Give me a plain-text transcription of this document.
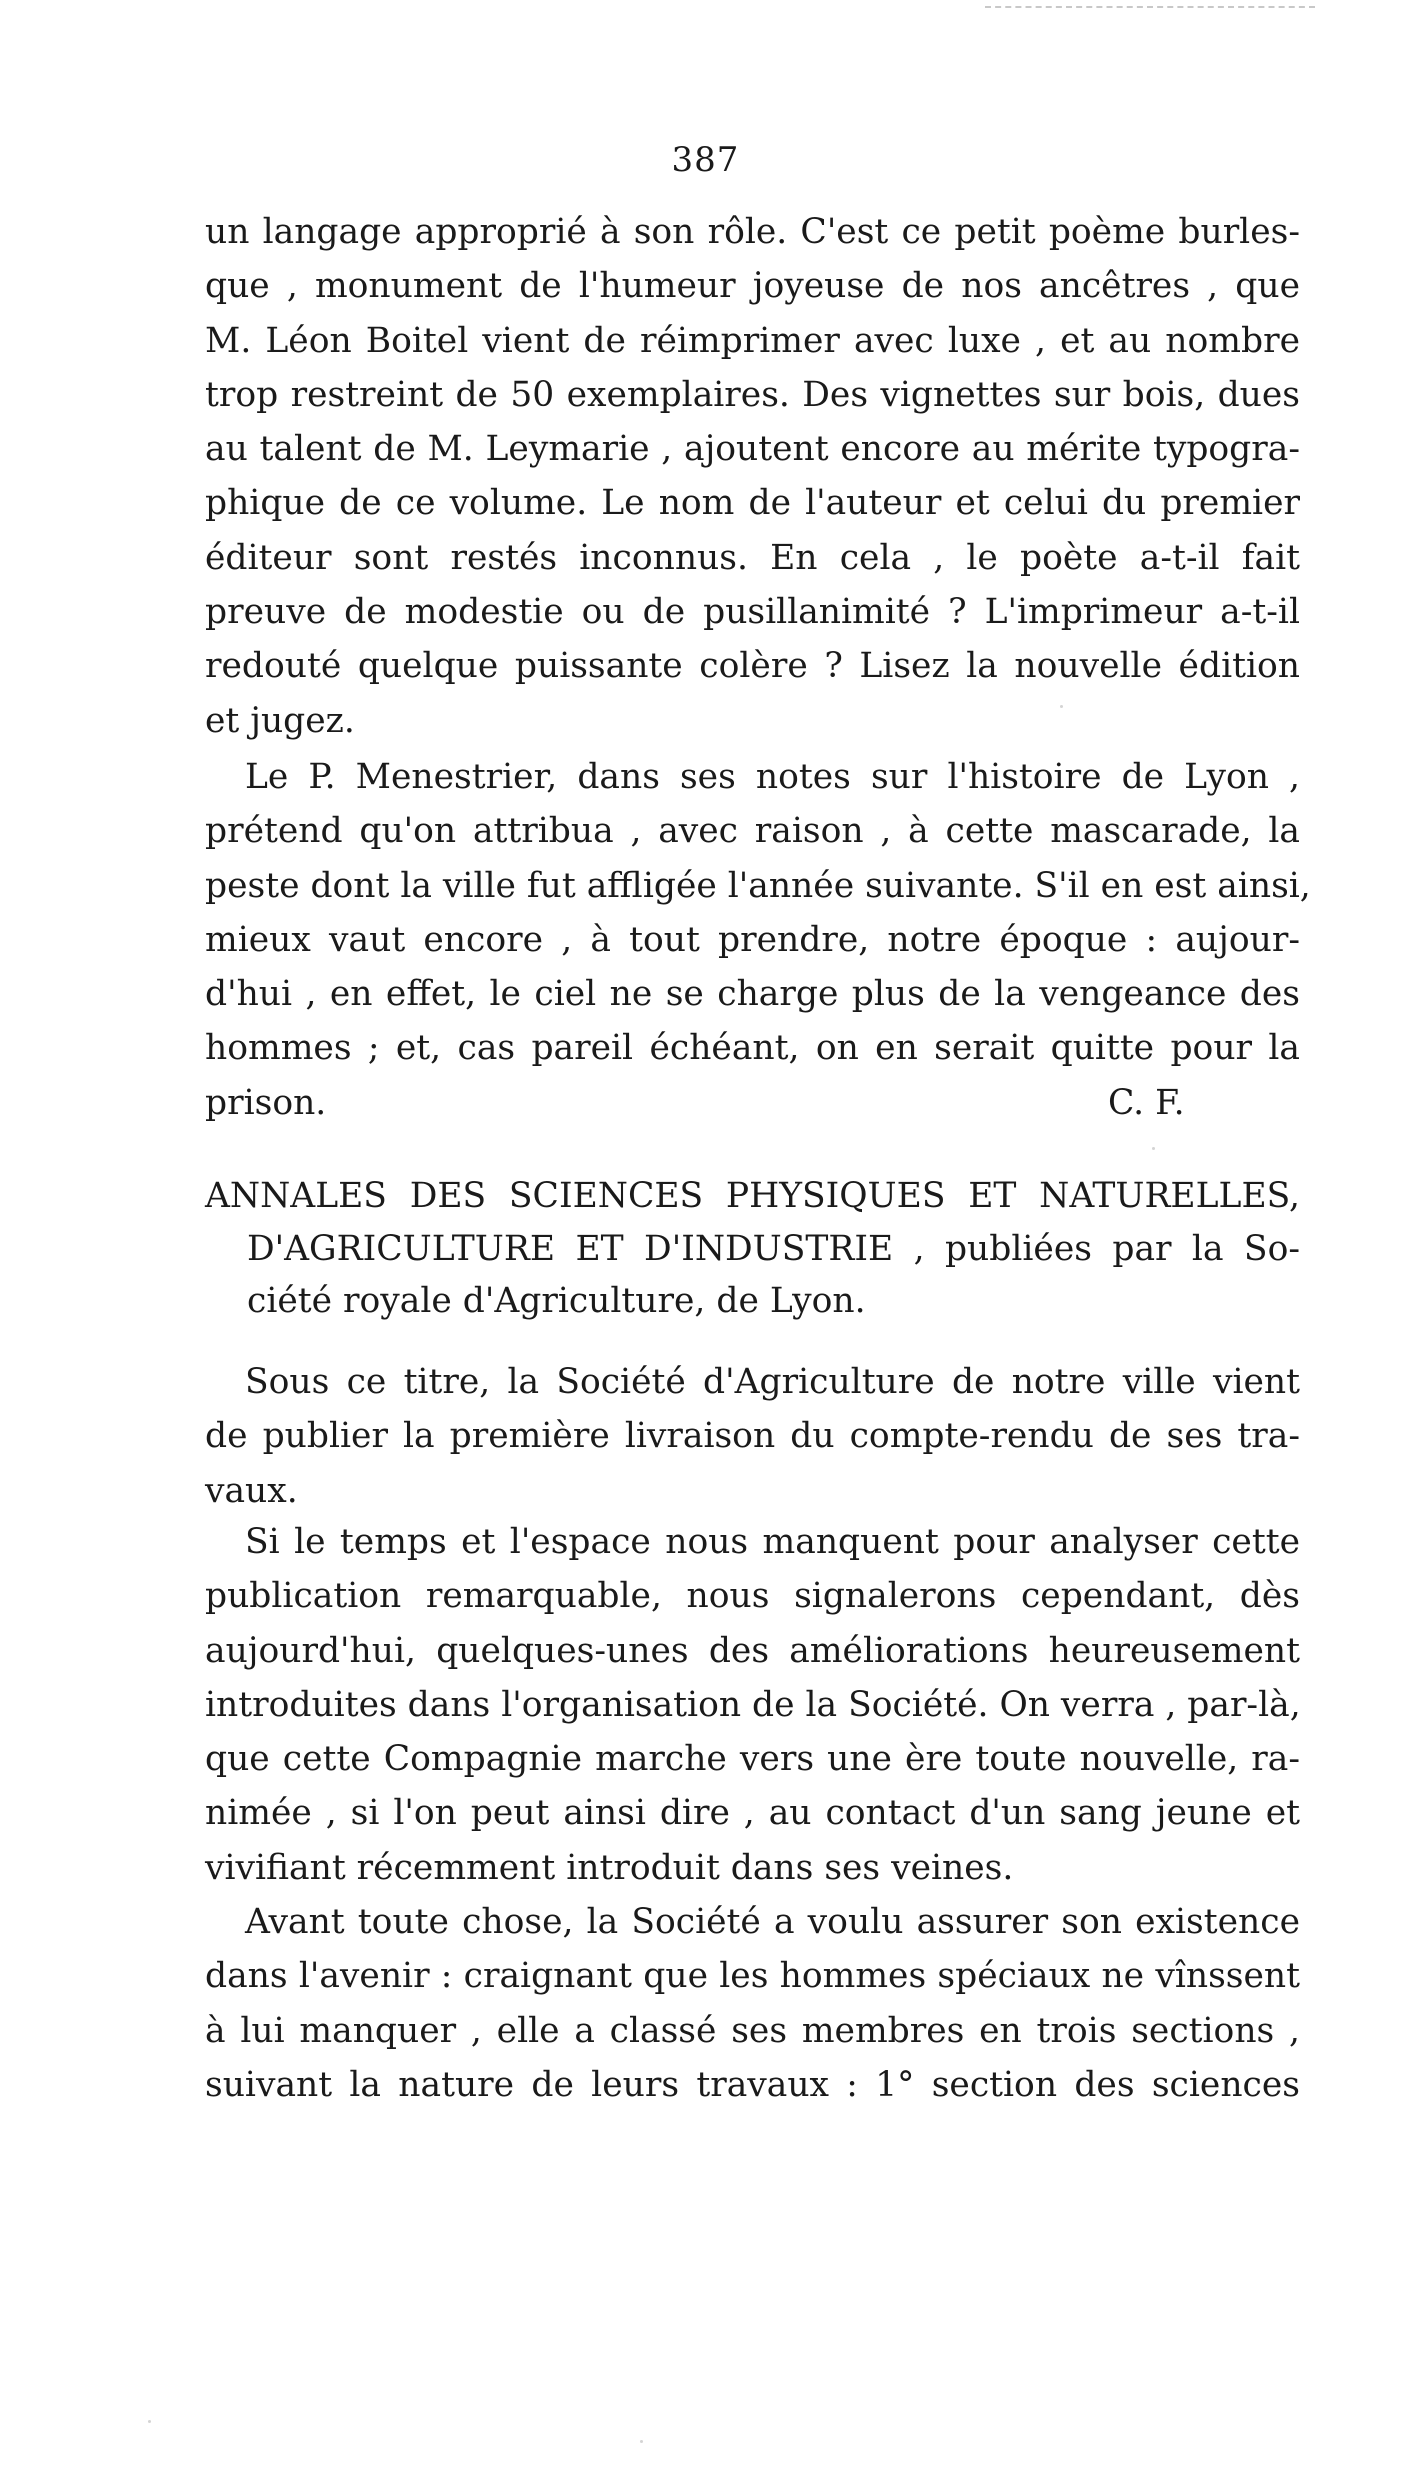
387
un langage approprié à son rôle. C'est ce petit poème burles-
que , monument de l'humeur joyeuse de nos ancêtres , que
M. Léon Boitel vient de réimprimer avec luxe , et au nombre
trop restreint de 50 exemplaires. Des vignettes sur bois, dues
au talent de M. Leymarie , ajoutent encore au mérite typogra-
phique de ce volume. Le nom de l'auteur et celui du premier
éditeur sont restés inconnus. En cela , le poète a-t-il fait
preuve de modestie ou de pusillanimité ? L'imprimeur a-t-il
redouté quelque puissante colère ? Lisez la nouvelle édition
et jugez.
Le P. Menestrier, dans ses notes sur l'histoire de Lyon ,
prétend qu'on attribua , avec raison , à cette mascarade, la
peste dont la ville fut affligée l'année suivante. S'il en est ainsi,
mieux vaut encore , à tout prendre, notre époque : aujour-
d'hui , en effet, le ciel ne se charge plus de la vengeance des
hommes ; et, cas pareil échéant, on en serait quitte pour la
prison.	C. F.
ANNALES DES SCIENCES PHYSIQUES ET NATURELLES,
D'AGRICULTURE ET D'INDUSTRIE , publiées par la So-
ciété royale d'Agriculture, de Lyon.
Sous ce titre, la Société d'Agriculture de notre ville vient
de publier la première livraison du compte-rendu de ses tra-
vaux.
Si le temps et l'espace nous manquent pour analyser cette
publication remarquable, nous signalerons cependant, dès
aujourd'hui, quelques-unes des améliorations heureusement
introduites dans l'organisation de la Société. On verra , par-là,
que cette Compagnie marche vers une ère toute nouvelle, ra-
nimée , si l'on peut ainsi dire , au contact d'un sang jeune et
vivifiant récemment introduit dans ses veines.
Avant toute chose, la Société a voulu assurer son existence
dans l'avenir : craignant que les hommes spéciaux ne vînssent
à lui manquer , elle a classé ses membres en trois sections ,
suivant la nature de leurs travaux : 1° section des sciences
